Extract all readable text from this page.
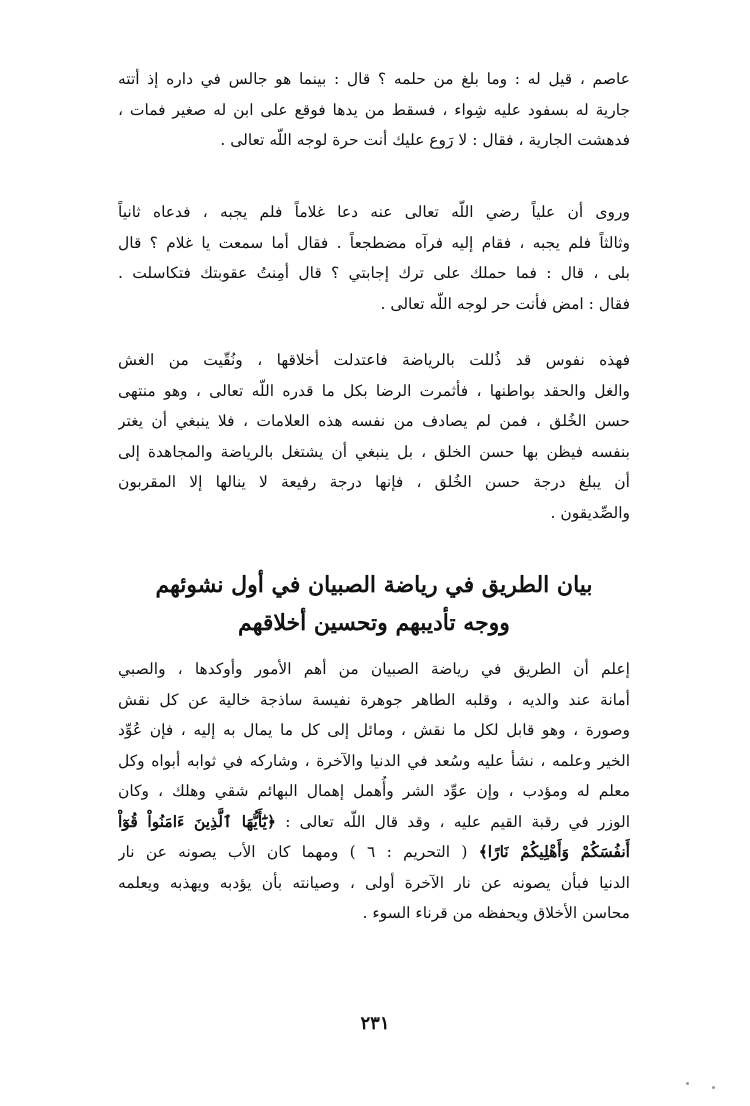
عاصم ، قيل له : وما بلغ من حلمه ؟ قال : بينما هو جالس في داره إذ أتته
جارية له بسفود عليه شِواء ، فسقط من يدها فوقع على ابن له صغير فمات ،
فدهشت الجارية ، فقال : لا رَوع عليك أنت حرة لوجه اللّه تعالى .
وروى أن علياً رضي اللّه تعالى عنه دعا غلاماً فلم يجبه ، فدعاه ثانياً
وثالثاً فلم يجبه ، فقام إليه فرآه مضطجعاً . فقال أما سمعت يا غلام ؟ قال
بلى ، قال : فما حملك على ترك إجابتي ؟ قال أمِنتُ عقوبتك فتكاسلت .
فقال : امض فأنت حر لوجه اللّه تعالى .
فهذه نفوس قد ذُللت بالرياضة فاعتدلت أخلاقها ، ونُقّيت من الغش
والغل والحقد بواطنها ، فأثمرت الرضا بكل ما قدره اللّه تعالى ، وهو منتهى
حسن الخُلق ، فمن لم يصادف من نفسه هذه العلامات ، فلا ينبغي أن يغتر
بنفسه فيظن بها حسن الخلق ، بل ينبغي أن يشتغل بالرياضة والمجاهدة إلى
أن يبلغ درجة حسن الخُلق ، فإنها درجة رفيعة لا ينالها إلا المقربون
والصِّديقون .
بيان الطريق في رياضة الصبيان في أول نشوئهم
ووجه تأديبهم وتحسين أخلاقهم
إعلم أن الطريق في رياضة الصبيان من أهم الأمور وأوكدها ، والصبي
أمانة عند والديه ، وقلبه الطاهر جوهرة نفيسة ساذجة خالية عن كل نقش
وصورة ، وهو قابل لكل ما نقش ، ومائل إلى كل ما يمال به إليه ، فإن عُوِّد
الخير وعلمه ، نشأ عليه وسُعد في الدنيا والآخرة ، وشاركه في ثوابه أبواه وكل
معلم له ومؤدب ، وإن عوِّد الشر وأُهمل إهمال البهائم شقي وهلك ، وكان
الوزر في رقبة القيم عليه ، وقد قال اللّه تعالى : ﴿يَٰٓأَيُّهَا ٱلَّذِينَ ءَامَنُواْ قُوٓاْ
أَنفُسَكُمْ وَأَهْلِيكُمْ نَارًا﴾ ( التحريم : ٦ ) ومهما كان الأب يصونه عن نار
الدنيا فبأن يصونه عن نار الآخرة أولى ، وصيانته بأن يؤدبه ويهذبه ويعلمه
محاسن الأخلاق ويحفظه من قرناء السوء .
٢٣١
